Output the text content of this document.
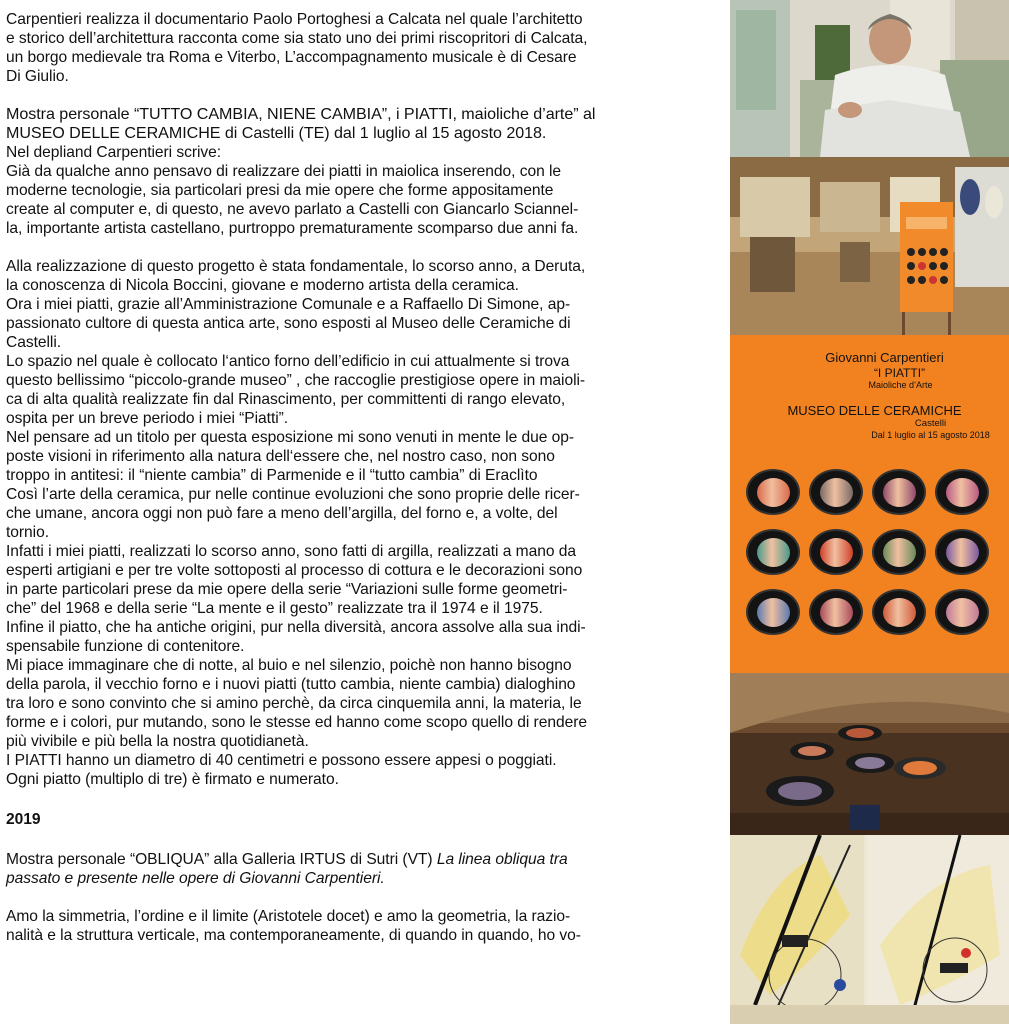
Carpentieri realizza il documentario Paolo Portoghesi a Calcata nel quale l’architetto
e storico dell’architettura racconta come sia stato uno dei primi riscopritori di Calcata,
un borgo medievale tra Roma e Viterbo, L’accompagnamento musicale è di Cesare
Di Giulio.

Mostra personale “TUTTO CAMBIA, NIENE CAMBIA”, i PIATTI, maioliche d’arte” al
MUSEO DELLE CERAMICHE di Castelli (TE) dal 1 luglio al 15 agosto 2018.

Nel depliand Carpentieri scrive:
Già da qualche anno pensavo di realizzare dei piatti in maiolica inserendo, con le
moderne tecnologie, sia particolari presi da mie opere che forme appositamente
create al computer e, di questo, ne avevo parlato a Castelli con Giancarlo Sciannel-
la, importante artista castellano, purtroppo prematuramente scomparso due anni fa.

Alla realizzazione di questo progetto è stata fondamentale, lo scorso anno, a Deruta,
la conoscenza di Nicola Boccini, giovane e moderno artista della ceramica.
Ora i miei piatti, grazie all’Amministrazione Comunale e a Raffaello Di Simone, ap-
passionato cultore di questa antica arte, sono esposti al Museo delle Ceramiche di
Castelli.
Lo spazio nel quale è collocato l‘antico forno dell’edificio in cui attualmente si trova
questo bellissimo “piccolo-grande museo” , che raccoglie prestigiose opere in maioli-
ca di alta qualità realizzate fin dal Rinascimento, per committenti di rango elevato,
ospita per un breve periodo i miei “Piatti”.
Nel pensare ad un titolo per questa esposizione mi sono venuti in mente le due op-
poste visioni in riferimento alla natura dell‘essere che, nel nostro caso, non sono
troppo in antitesi: il “niente cambia” di Parmenide e il “tutto cambia” di Eraclìto
Così l’arte della ceramica, pur nelle continue evoluzioni che sono proprie delle ricer-
che umane, ancora oggi non può fare a meno dell’argilla, del forno e, a volte, del
tornio.
Infatti i miei piatti, realizzati lo scorso anno, sono fatti di argilla, realizzati a mano da
esperti artigiani e per tre volte sottoposti al processo di cottura e le decorazioni sono
in parte particolari prese da mie opere della serie “Variazioni sulle forme geometri-
che” del 1968 e della serie “La mente e il gesto” realizzate tra il 1974 e il 1975.
Infine il piatto, che ha antiche origini, pur nella diversità, ancora assolve alla sua indi-
spensabile funzione di contenitore.
Mi piace immaginare che di notte, al buio e nel silenzio, poichè non hanno bisogno
della parola, il vecchio forno e i nuovi piatti (tutto cambia, niente cambia) dialoghino
tra loro e sono convinto che si amino perchè, da circa cinquemila anni, la materia, le
forme e i colori, pur mutando, sono le stesse ed hanno come scopo quello di rendere
più vivibile e più bella la nostra quotidianetà.
I PIATTI hanno un diametro di 40 centimetri e possono essere appesi o poggiati.
Ogni piatto (multiplo di tre) è firmato e numerato.

2019

Mostra personale “OBLIQUA” alla Galleria IRTUS di Sutri (VT) La linea obliqua tra
passato e presente nelle opere di Giovanni Carpentieri.

Amo la simmetria, l’ordine e il limite (Aristotele docet) e amo la geometria, la razio-
nalità e la struttura verticale, ma contemporaneamente, di quando in quando, ho vo-

Giovanni Carpentieri
“I PIATTI”
Maioliche d’Arte
MUSEO DELLE CERAMICHE
Castelli
Dal 1 luglio al 15 agosto 2018
